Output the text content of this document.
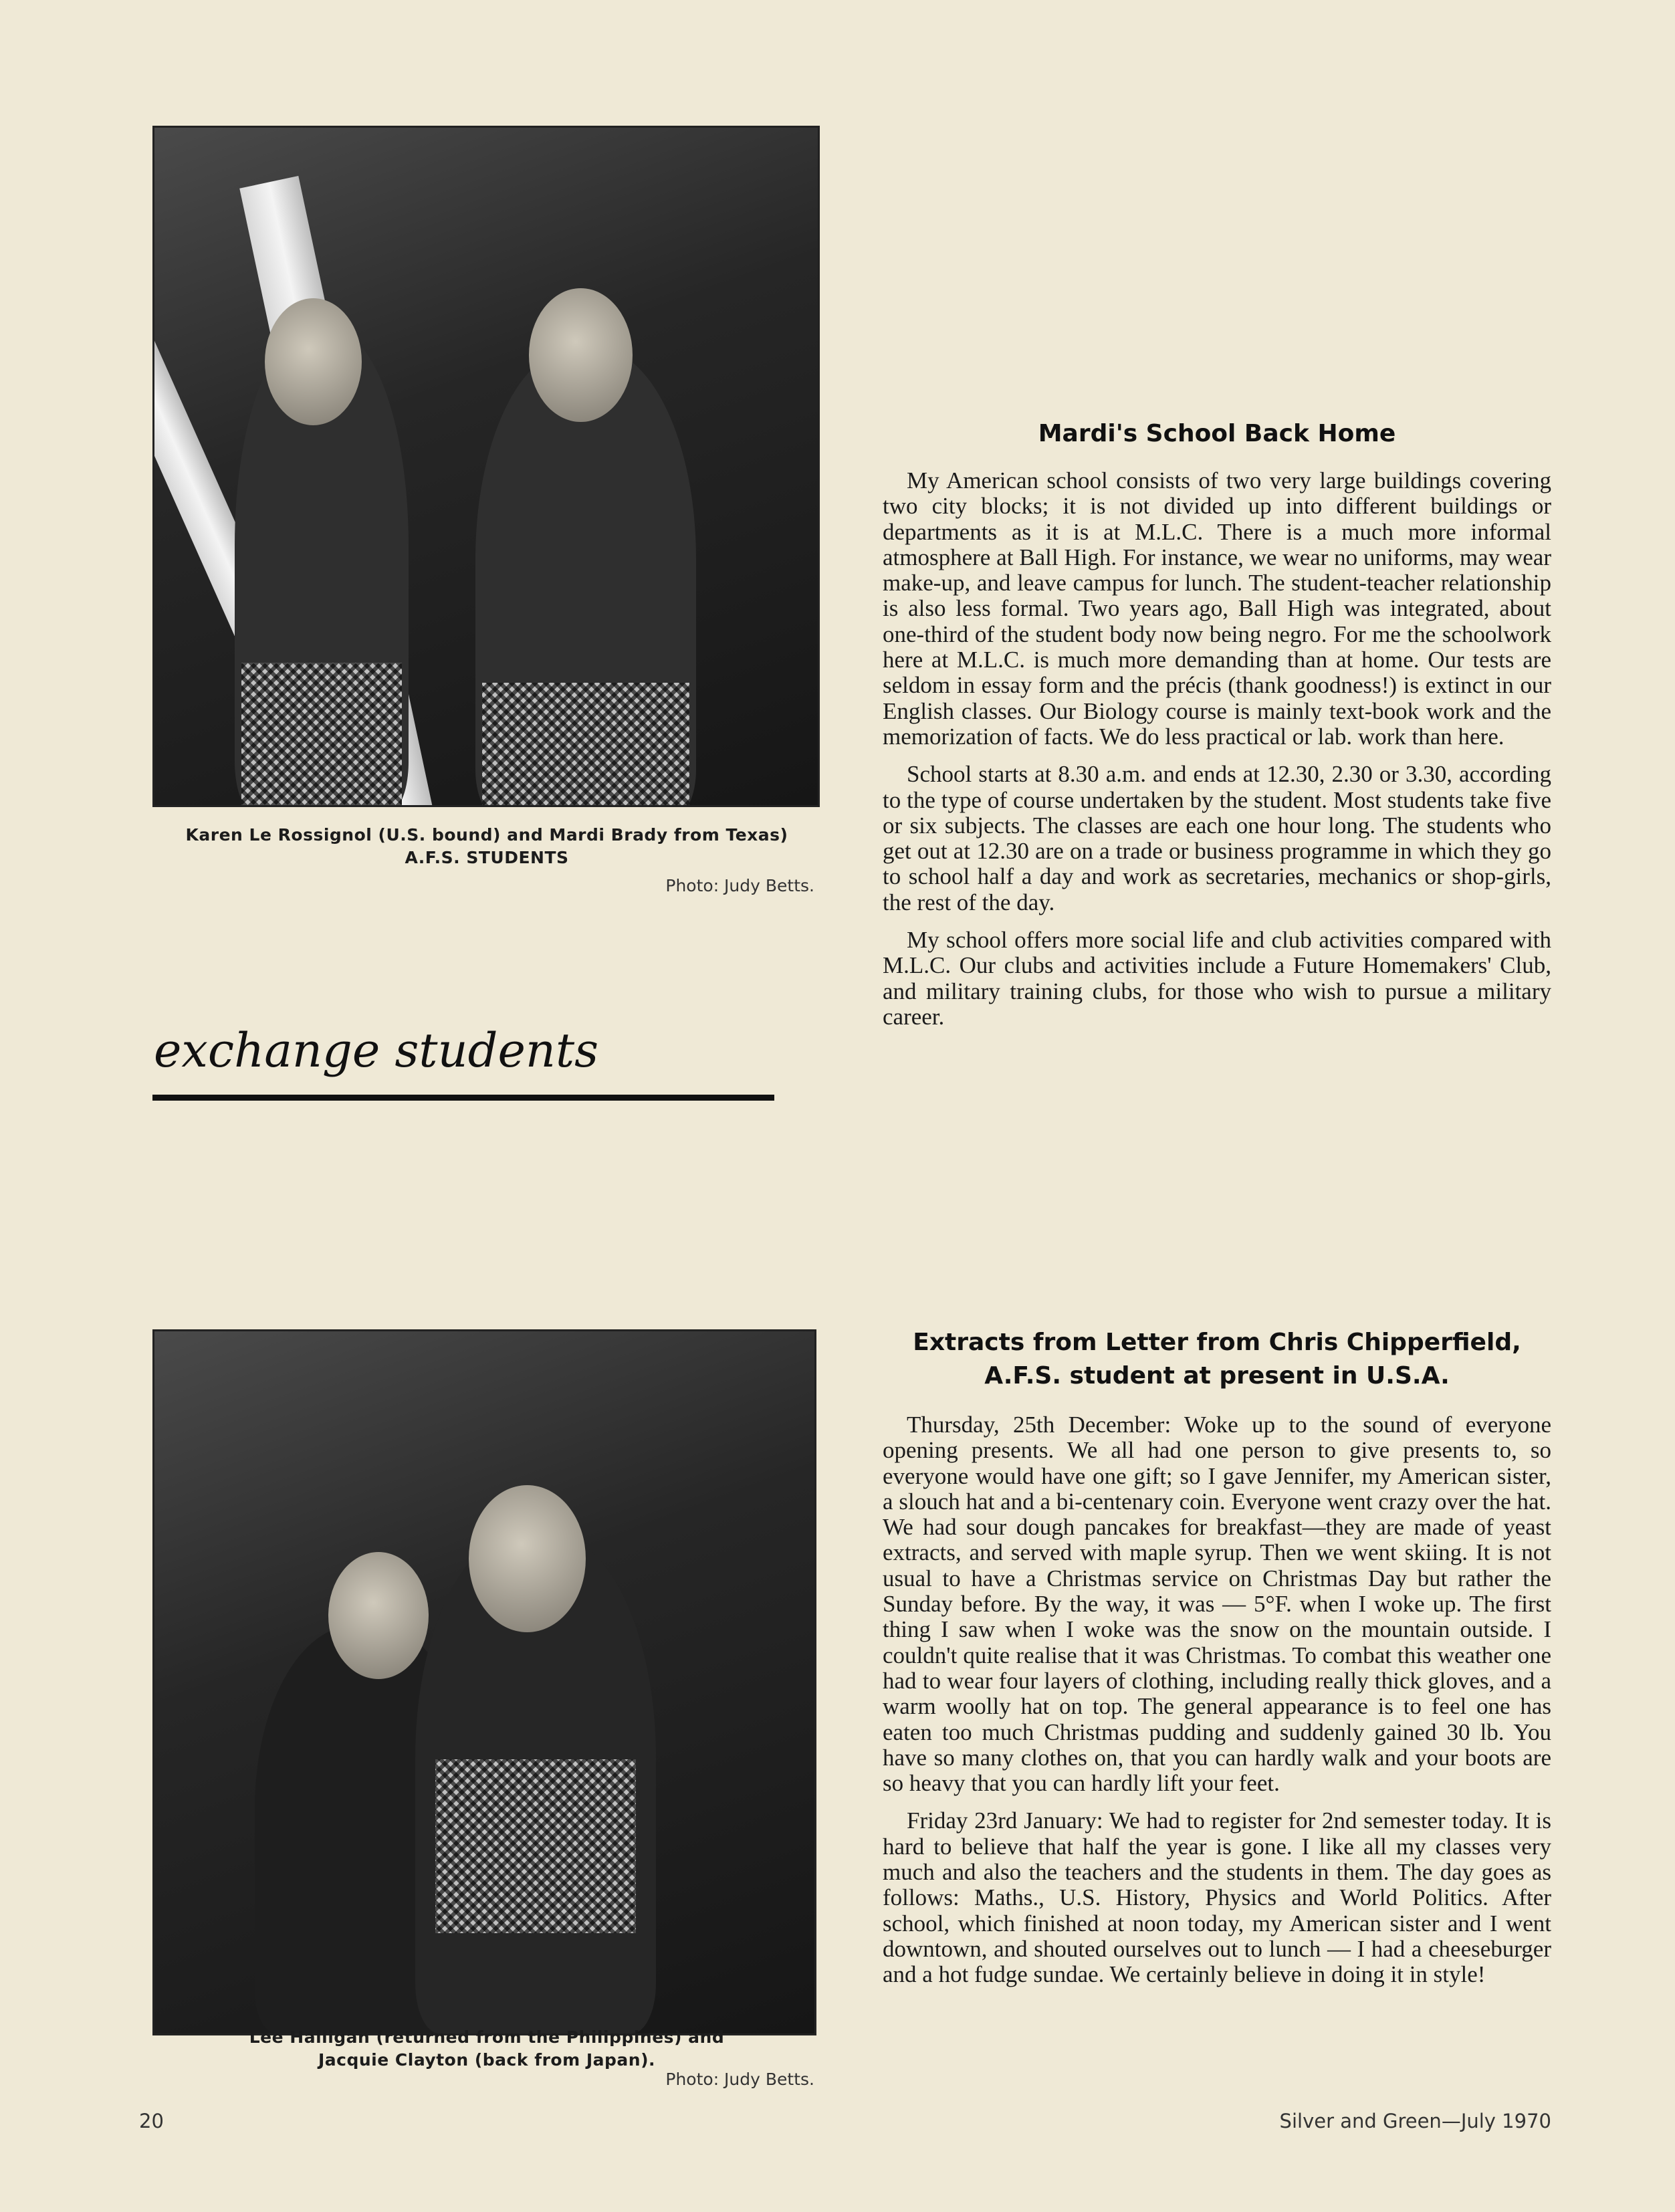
Karen Le Rossignol (U.S. bound) and Mardi Brady from Texas)
A.F.S. STUDENTS
Photo: Judy Betts.
exchange students
Mardi's School Back Home

My American school consists of two very large buildings covering two city blocks; it is not divided up into different buildings or departments as it is at M.L.C. There is a much more informal atmosphere at Ball High. For instance, we wear no uniforms, may wear make-up, and leave campus for lunch. The student-teacher relationship is also less formal. Two years ago, Ball High was integrated, about one-third of the student body now being negro. For me the schoolwork here at M.L.C. is much more demanding than at home. Our tests are seldom in essay form and the précis (thank goodness!) is extinct in our English classes. Our Biology course is mainly text-book work and the memorization of facts. We do less practical or lab. work than here.

School starts at 8.30 a.m. and ends at 12.30, 2.30 or 3.30, according to the type of course undertaken by the student. Most students take five or six subjects. The classes are each one hour long. The students who get out at 12.30 are on a trade or business programme in which they go to school half a day and work as secretaries, mechanics or shop-girls, the rest of the day.

My school offers more social life and club activities compared with M.L.C. Our clubs and activities include a Future Homemakers' Club, and military training clubs, for those who wish to pursue a military career.

Lee Halligan (returned from the Philippines) and
Jacquie Clayton (back from Japan).
Photo: Judy Betts.
Extracts from Letter from Chris Chipperfield,
A.F.S. student at present in U.S.A.

Thursday, 25th December: Woke up to the sound of everyone opening presents. We all had one person to give presents to, so everyone would have one gift; so I gave Jennifer, my American sister, a slouch hat and a bi-centenary coin. Everyone went crazy over the hat. We had sour dough pancakes for breakfast—they are made of yeast extracts, and served with maple syrup. Then we went skiing. It is not usual to have a Christmas service on Christmas Day but rather the Sunday before. By the way, it was — 5°F. when I woke up. The first thing I saw when I woke was the snow on the mountain outside. I couldn't quite realise that it was Christmas. To combat this weather one had to wear four layers of clothing, including really thick gloves, and a warm woolly hat on top. The general appearance is to feel one has eaten too much Christmas pudding and suddenly gained 30 lb. You have so many clothes on, that you can hardly walk and your boots are so heavy that you can hardly lift your feet.

Friday 23rd January: We had to register for 2nd semester today. It is hard to believe that half the year is gone. I like all my classes very much and also the teachers and the students in them. The day goes as follows: Maths., U.S. History, Physics and World Politics. After school, which finished at noon today, my American sister and I went downtown, and shouted ourselves out to lunch — I had a cheeseburger and a hot fudge sundae. We certainly believe in doing it in style!

20	Silver and Green—July 1970
